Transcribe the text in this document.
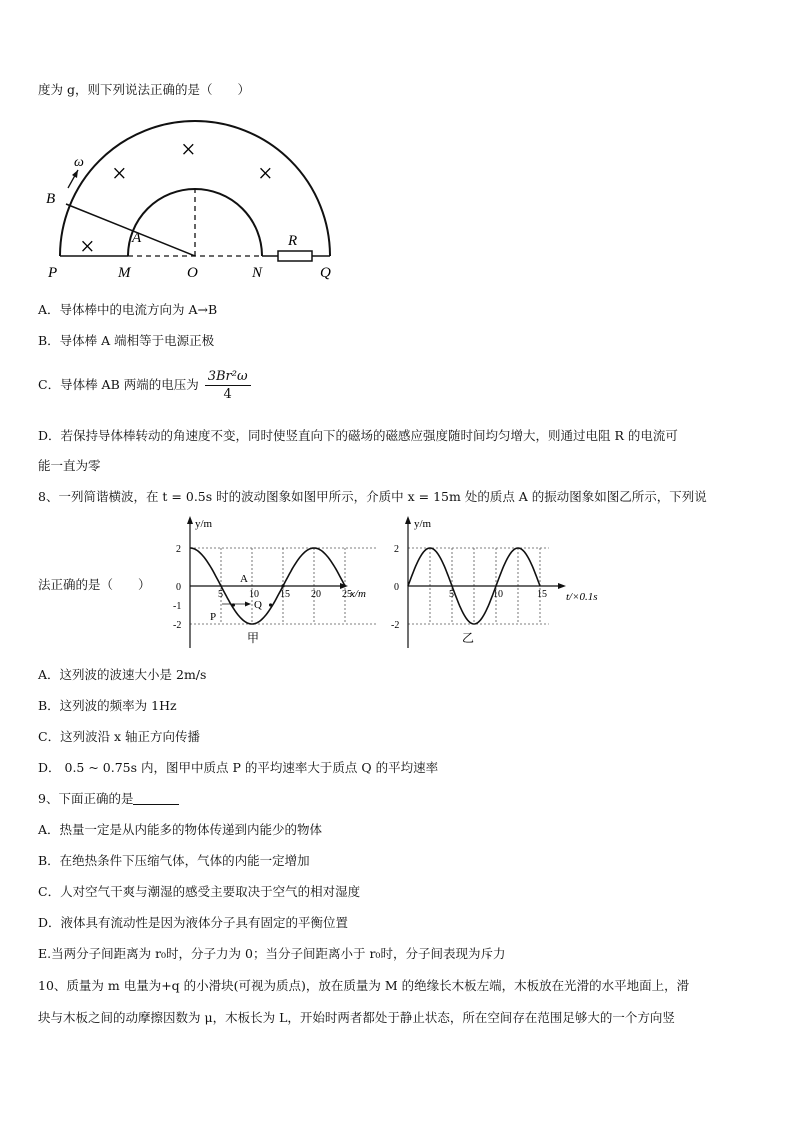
度为 g，则下列说法正确的是（　　）
ω
B
A
P	M	O	N	Q
R
×
×
×
×
A．导体棒中的电流方向为 A→B
B．导体棒 A 端相等于电源正极
C．导体棒 AB 两端的电压为 $\frac{\text{3Br²ω}}{4}$
D．若保持导体棒转动的角速度不变，同时使竖直向下的磁场的磁感应强度随时间均匀增大，则通过电阻 R 的电流可
能一直为零
8、一列简谐横波，在 t = 0.5s 时的波动图象如图甲所示，介质中 x = 15m 处的质点 A 的振动图象如图乙所示，下列说
法正确的是（　　）
5	10 15 20 25
2
0
-1
-2
y/m
x/m
A
P
Q
甲
5	10	15
2
0
-2
y/m
t/×0.1s
乙
A．这列波的波速大小是 2m/s
B．这列波的频率为 1Hz
C．这列波沿 x 轴正方向传播
D． 0.5 ~ 0.75s 内，图甲中质点 P 的平均速率大于质点 Q 的平均速率
9、下面正确的是
A．热量一定是从内能多的物体传递到内能少的物体
B．在绝热条件下压缩气体，气体的内能一定增加
C．人对空气干爽与潮湿的感受主要取决于空气的相对湿度
D．液体具有流动性是因为液体分子具有固定的平衡位置
E.当两分子间距离为 r₀时，分子力为 0；当分子间距离小于 r₀时，分子间表现为斥力
10、质量为 m 电量为+q 的小滑块(可视为质点)，放在质量为 M 的绝缘长木板左端，木板放在光滑的水平地面上，滑
块与木板之间的动摩擦因数为 μ，木板长为 L，开始时两者都处于静止状态，所在空间存在范围足够大的一个方向竖
